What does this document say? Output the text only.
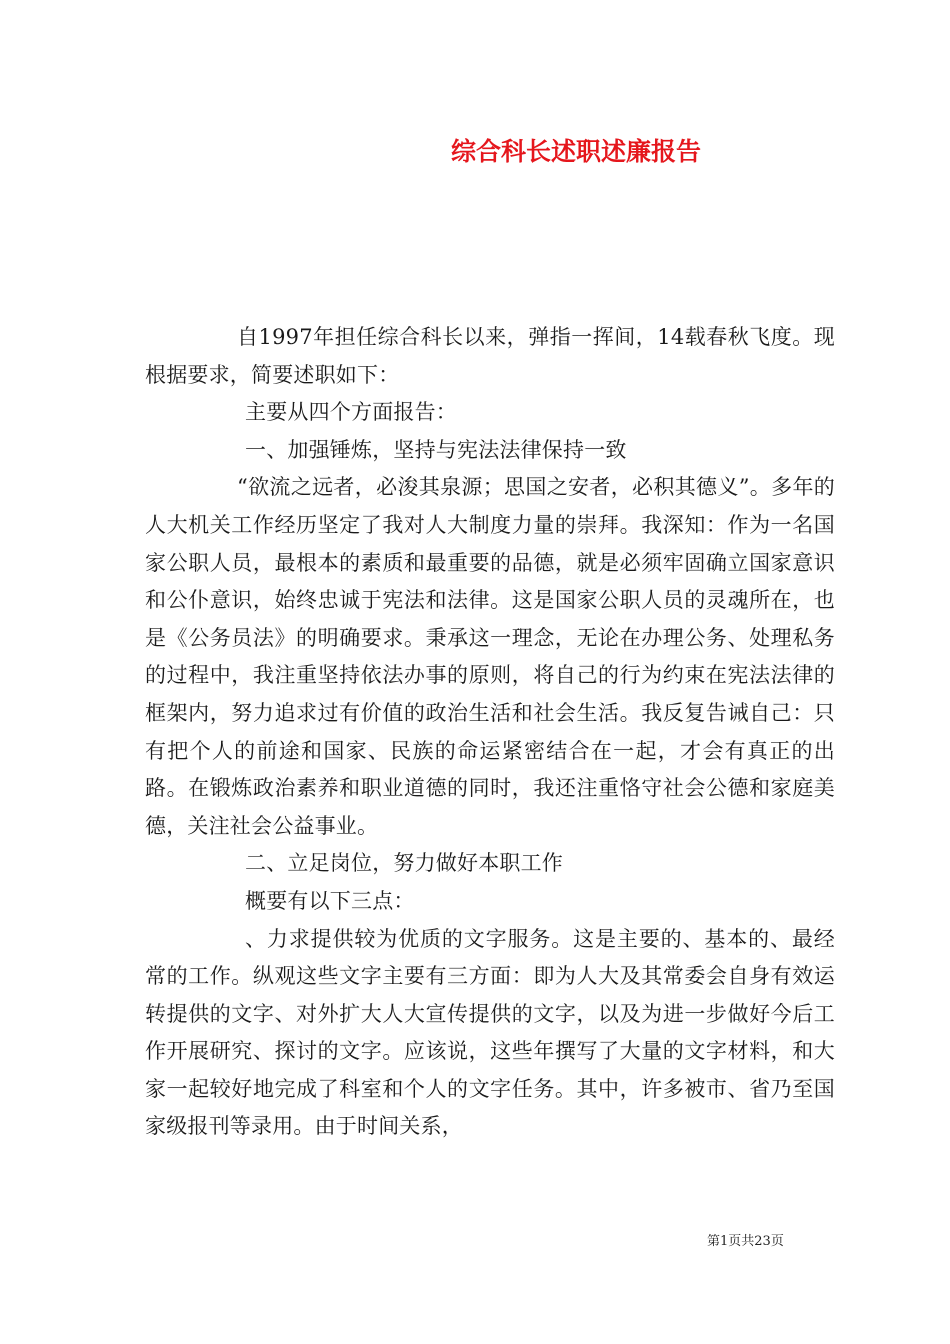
综合科长述职述廉报告

自1997年担任综合科长以来，弹指一挥间，14载春秋飞度。现根据要求，简要述职如下：

主要从四个方面报告：

一、加强锤炼，坚持与宪法法律保持一致

“欲流之远者，必浚其泉源；思国之安者，必积其德义”。多年的人大机关工作经历坚定了我对人大制度力量的崇拜。我深知：作为一名国家公职人员，最根本的素质和最重要的品德，就是必须牢固确立国家意识和公仆意识，始终忠诚于宪法和法律。这是国家公职人员的灵魂所在，也是《公务员法》的明确要求。秉承这一理念，无论在办理公务、处理私务的过程中，我注重坚持依法办事的原则，将自己的行为约束在宪法法律的框架内，努力追求过有价值的政治生活和社会生活。我反复告诫自己：只有把个人的前途和国家、民族的命运紧密结合在一起，才会有真正的出路。在锻炼政治素养和职业道德的同时，我还注重恪守社会公德和家庭美德，关注社会公益事业。

二、立足岗位，努力做好本职工作

概要有以下三点：

、力求提供较为优质的文字服务。这是主要的、基本的、最经常的工作。纵观这些文字主要有三方面：即为人大及其常委会自身有效运转提供的文字、对外扩大人大宣传提供的文字，以及为进一步做好今后工作开展研究、探讨的文字。应该说，这些年撰写了大量的文字材料，和大家一起较好地完成了科室和个人的文字任务。其中，许多被市、省乃至国家级报刊等录用。由于时间关系，

第1页共23页
